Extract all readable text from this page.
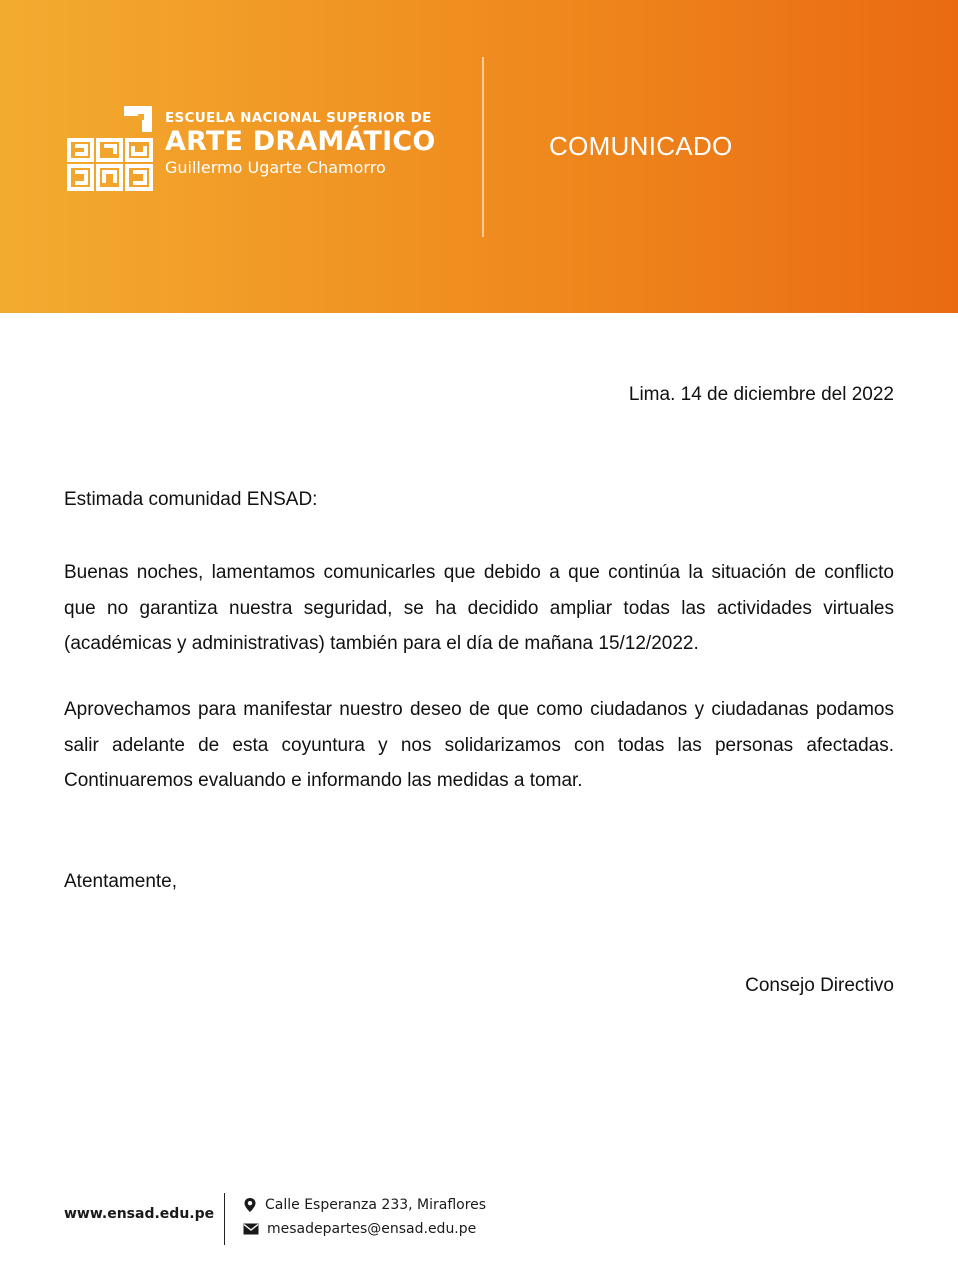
ESCUELA NACIONAL SUPERIOR DE
ARTE DRAMÁTICO
Guillermo Ugarte Chamorro
COMUNICADO
Lima. 14 de diciembre del 2022
Estimada comunidad ENSAD:
Buenas noches, lamentamos comunicarles que debido a que continúa la situación de conflicto que no garantiza nuestra seguridad, se ha decidido ampliar todas las actividades virtuales (académicas y administrativas) también para el día de mañana 15/12/2022.
Aprovechamos para manifestar nuestro deseo de que como ciudadanos y ciudadanas podamos salir adelante de esta coyuntura y nos solidarizamos con todas las personas afectadas. Continuaremos evaluando e informando las medidas a tomar.
Atentamente,
Consejo Directivo
www.ensad.edu.pe
Calle Esperanza 233, Miraflores
mesadepartes@ensad.edu.pe
